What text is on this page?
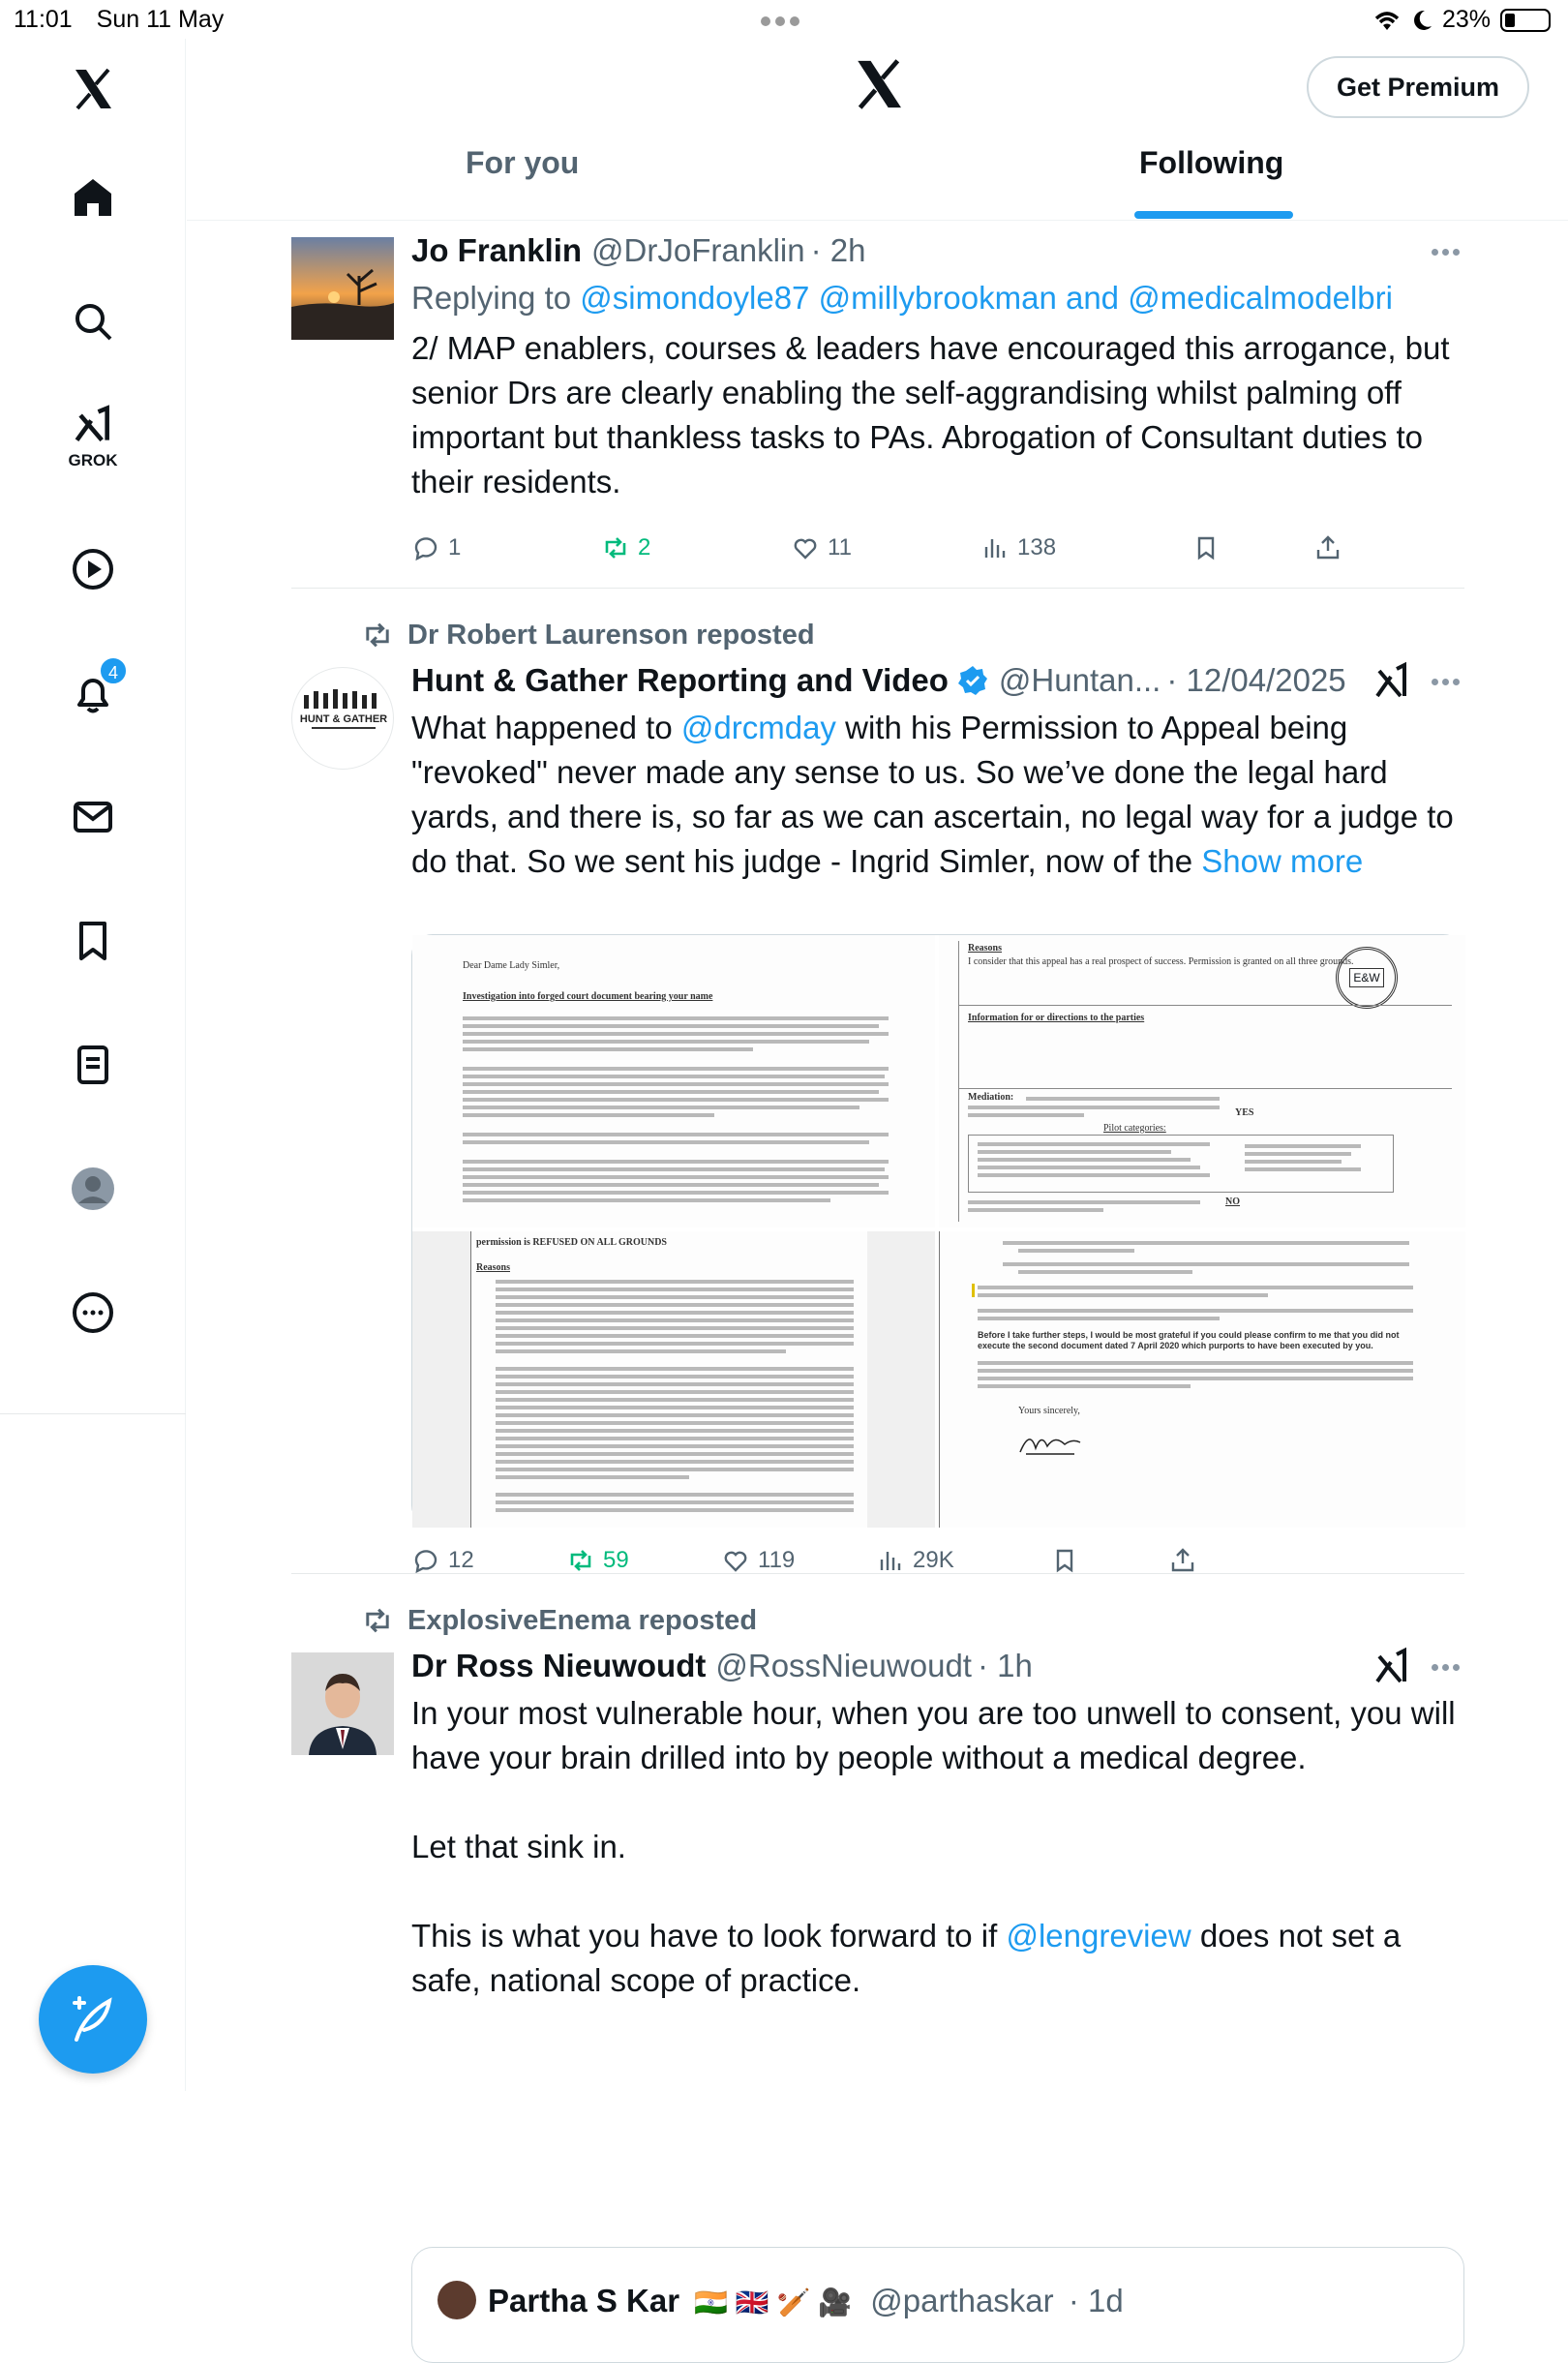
11:01 Sun 11 May	23%
GROK
4
Get Premium
For you	Following
Jo Franklin @DrJoFranklin · 2h
Replying to @simondoyle87 @millybrookman and @medicalmodelbri
2/ MAP enablers, courses & leaders have encouraged this arrogance, but senior Drs are clearly enabling the self-aggrandising whilst palming off important but thankless tasks to PAs. Abrogation of Consultant duties to their residents.
1	2	11	138
Dr Robert Laurenson reposted
HUNT & GATHER
Hunt & Gather Reporting and Video @Huntan... · 12/04/2025
What happened to @drcmday with his Permission to Appeal being "revoked" never made any sense to us. So we’ve done the legal hard yards, and there is, so far as we can ascertain, no legal way for a judge to do that. So we sent his judge - Ingrid Simler, now of the Show more
Dear Dame Lady Simler,
Investigation into forged court document bearing your name
Reasons
I consider that this appeal has a real prospect of success. Permission is granted on all three grounds.
E&W
Information for or directions to the parties
Mediation:
YES
Pilot categories:
NO
permission is REFUSED ON ALL GROUNDS
Reasons
Before I take further steps, I would be most grateful if you could please confirm to me that you did not execute the second document dated 7 April 2020 which purports to have been executed by you.
Yours sincerely,
12	59	119	29K
ExplosiveEnema reposted
Dr Ross Nieuwoudt @RossNieuwoudt · 1h
In your most vulnerable hour, when you are too unwell to consent, you will have your brain drilled into by people without a medical degree.
Let that sink in.
This is what you have to look forward to if @lengreview does not set a safe, national scope of practice.
Partha S Kar 🇮🇳 🇬🇧 🏏 🎥 @parthaskar · 1d
